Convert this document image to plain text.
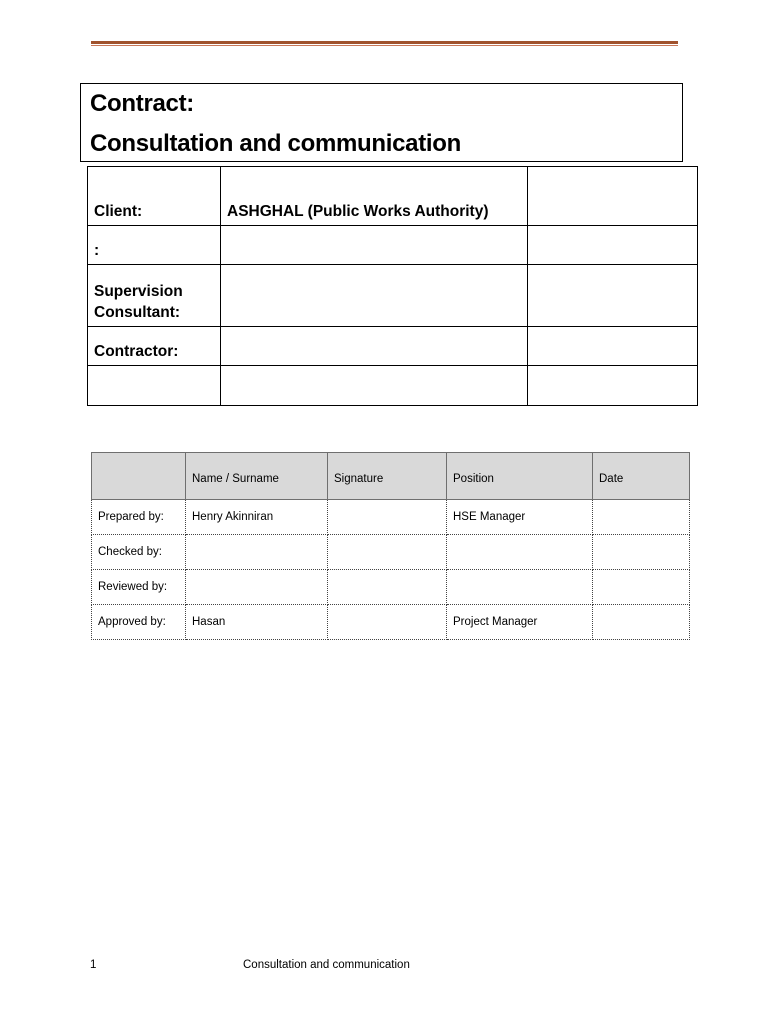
Contract:
Consultation and communication
Client:	ASHGHAL (Public Works Authority)	
:		
Supervision Consultant:		
Contractor:		

	Name / Surname	Signature	Position	Date
Prepared by:	Henry Akinniran		HSE Manager	
Checked by:				
Reviewed by:				
Approved by:	Hasan		Project Manager	
1	Consultation and communication
